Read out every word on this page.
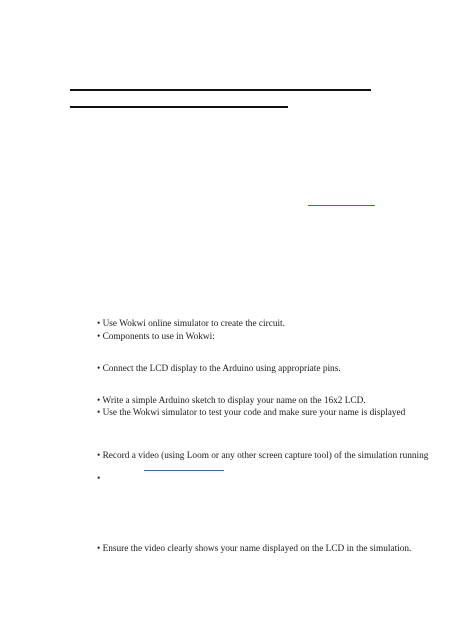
• Use Wokwi online simulator to create the circuit.
• Components to use in Wokwi:
• Connect the LCD display to the Arduino using appropriate pins.
• Write a simple Arduino sketch to display your name on the 16x2 LCD.
• Use the Wokwi simulator to test your code and make sure your name is displayed
• Record a video (using Loom or any other screen capture tool) of the simulation running
•
• Ensure the video clearly shows your name displayed on the LCD in the simulation.
